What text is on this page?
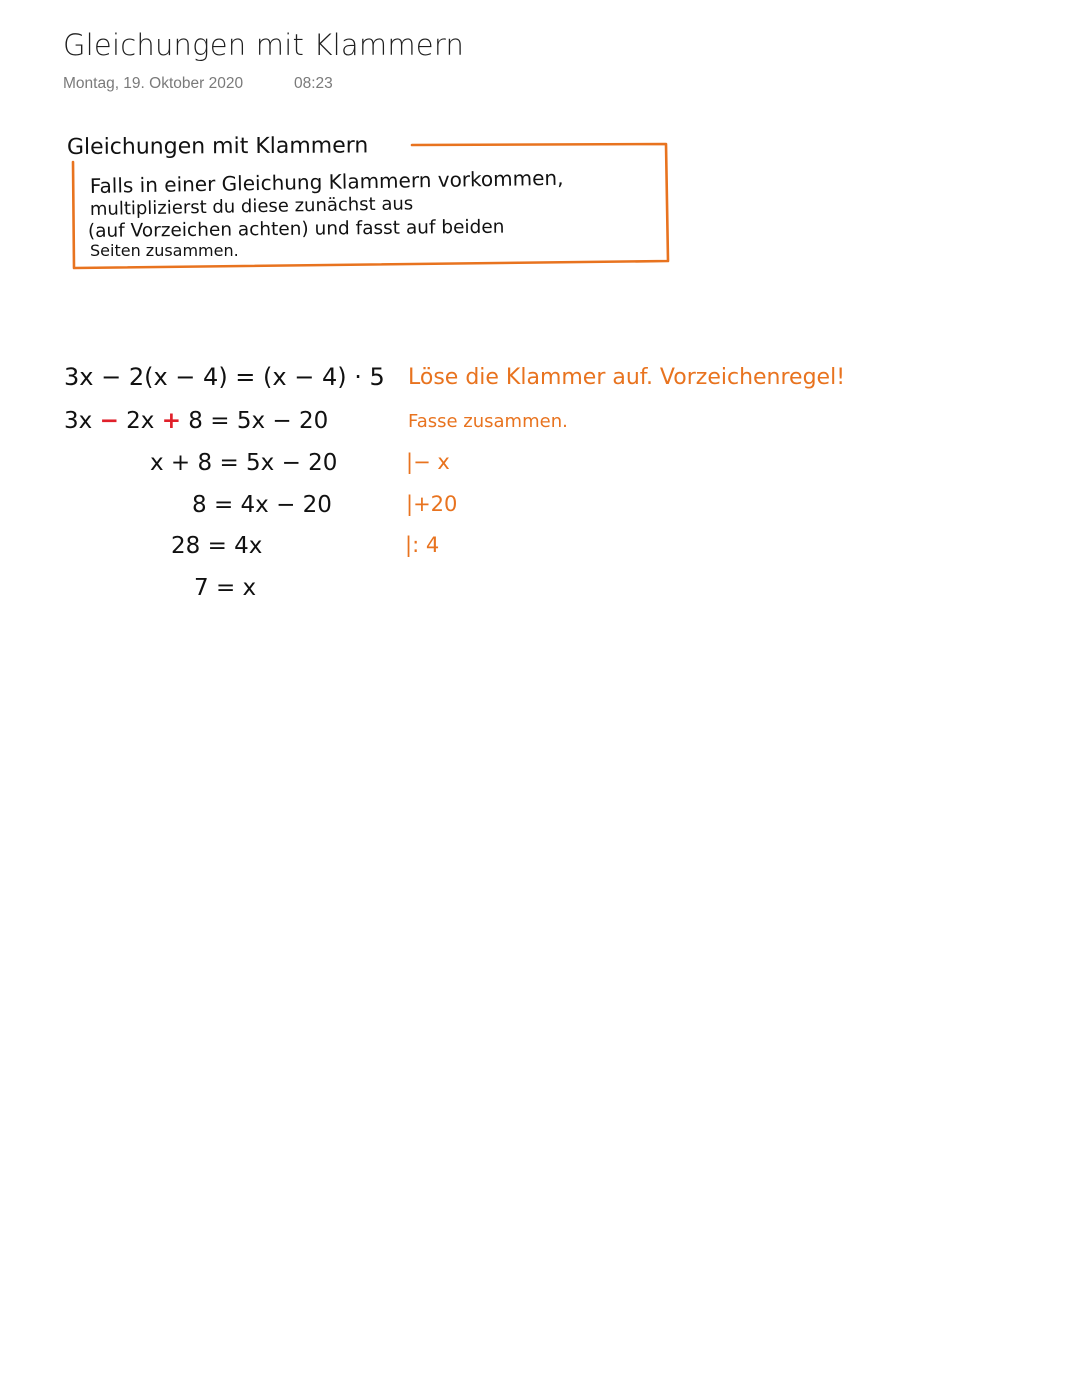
Gleichungen mit Klammern
Montag, 19. Oktober 2020	08:23
Gleichungen mit Klammern
Falls in einer Gleichung Klammern vorkommen,
multiplizierst du diese zunächst aus
(auf Vorzeichen achten) und fasst auf beiden
Seiten zusammen.
3x − 2(x − 4) = (x − 4) · 5
3x − 2x + 8 = 5x − 20
x + 8 = 5x − 20
8 = 4x − 20
28 = 4x
7 = x
Löse die Klammer auf. Vorzeichenregel!
Fasse zusammen.
|− x
|+20
|: 4
